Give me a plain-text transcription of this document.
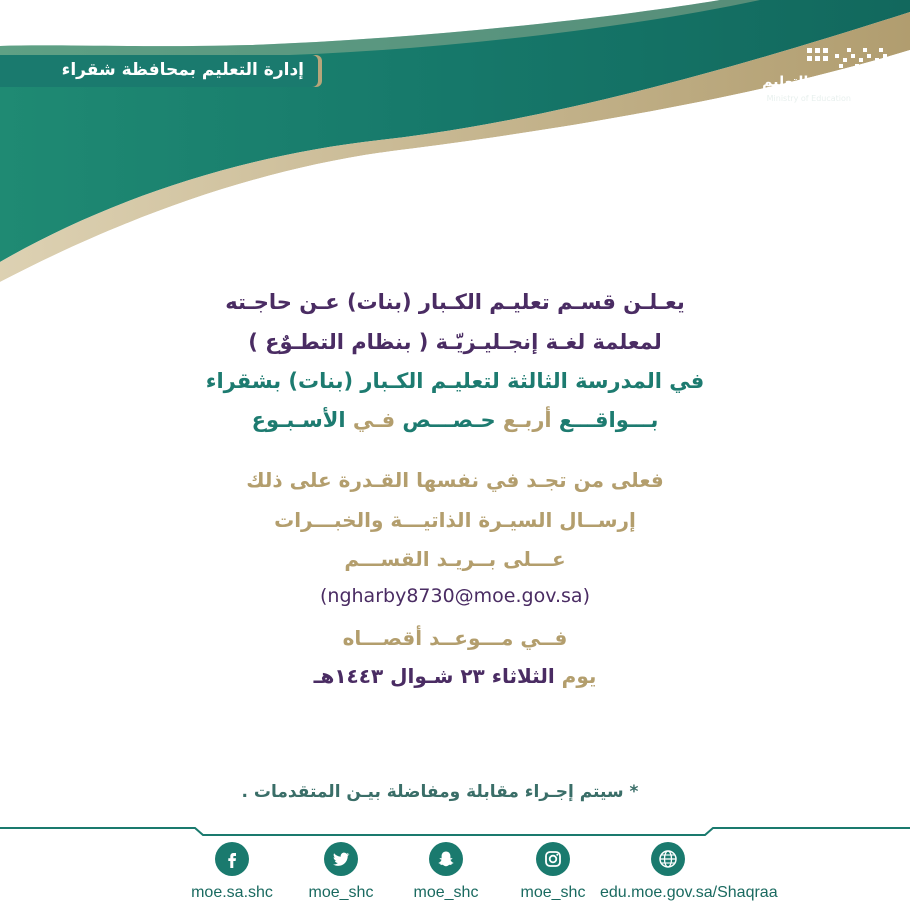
إدارة التعليم بمحافظة شقراء
وزارة التعليم
Ministry of Education
يعـلـن قسـم تعليـم الكـبار (بنات) عـن حاجـته
لمعلمة لغـة إنجـليـزيّـة ( بنظام التطـوٌع )
في المدرسة الثالثة لتعليـم الكـبار (بنات) بشقراء
بـــواقـــع أربـع حـصـــص فـي الأسـبـوع
فعلى من تجـد في نفسها القـدرة على ذلك
إرســال السيـرة الذاتيـــة والخبـــرات
عـــلى بــريـد القســـم
(ngharby8730@moe.gov.sa)
فــي مـــوعــد أقصـــاه
يوم الثلاثاء ٢٣ شـوال ١٤٤٣هـ
* سيتم إجـراء مقابلة ومفاضلة بيـن المتقدمات .
moe.sa.shc	moe_shc	moe_shc	moe_shc edu.moe.gov.sa/Shaqraa
